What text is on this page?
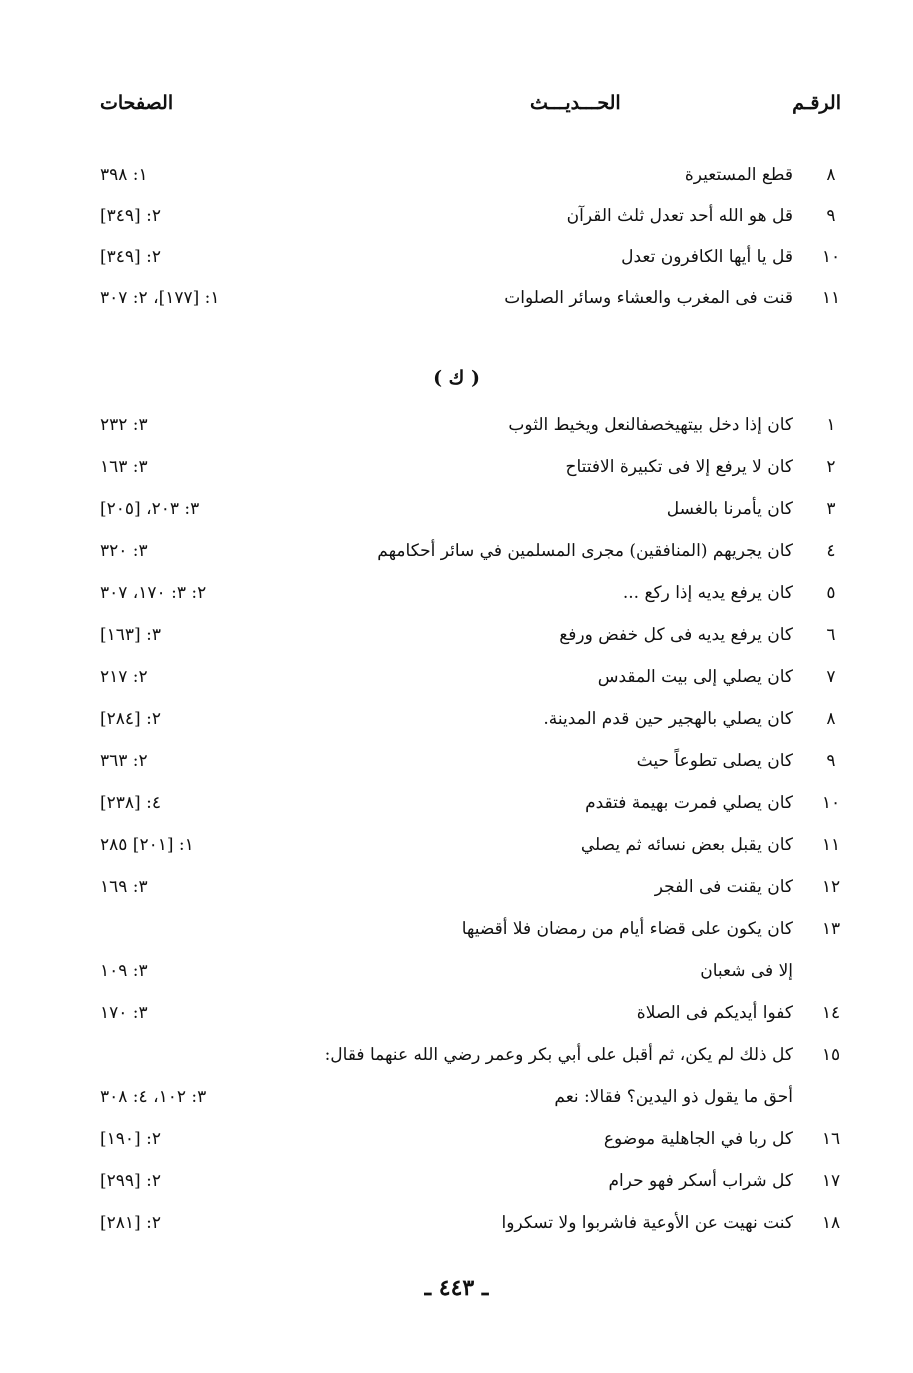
الرقـم
الحـــديـــث
الصفحات
٨
قطع المستعيرة
١: ٣٩٨
٩
قل هو الله أحد تعدل ثلث القرآن
٢: [٣٤٩]
١٠
قل يا أيها الكافرون تعدل
٢: [٣٤٩]
١١
قنت فى المغرب والعشاء وسائر الصلوات
١: [١٧٧]، ٢: ٣٠٧
( ك )
١
كان إذا دخل بيتهيخصفالنعل ويخيط الثوب
٣: ٢٣٢
٢
كان لا يرفع إلا فى تكبيرة الافتتاح
٣: ١٦٣
٣
كان يأمرنا بالغسل
٣: ٢٠٣، [٢٠٥]
٤
كان يجريهم (المنافقين) مجرى المسلمين في سائر أحكامهم
٣: ٣٢٠
٥
كان يرفع يديه إذا ركع ...
٢: ٣: ١٧٠، ٣٠٧
٦
كان يرفع يديه فى كل خفض ورفع
٣: [١٦٣]
٧
كان يصلي إلى بيت المقدس
٢: ٢١٧
٨
كان يصلي بالهجير حين قدم المدينة.
٢: [٢٨٤]
٩
كان يصلى تطوعاً حيث
٢: ٣٦٣
١٠
كان يصلي فمرت بهيمة فتقدم
٤: [٢٣٨]
١١
كان يقبل بعض نسائه ثم يصلي
١: [٢٠١] ٢٨٥
١٢
كان يقنت فى الفجر
٣: ١٦٩
١٣
كان يكون على قضاء أيام من رمضان فلا أقضيها
إلا فى شعبان
٣: ١٠٩
١٤
كفوا أيديكم فى الصلاة
٣: ١٧٠
١٥
كل ذلك لم يكن، ثم أقبل على أبي بكر وعمر رضي الله عنهما فقال:
أحق ما يقول ذو اليدين؟ فقالا: نعم
٣: ١٠٢، ٤: ٣٠٨
١٦
كل ربا في الجاهلية موضوع
٢: [١٩٠]
١٧
كل شراب أسكر فهو حرام
٢: [٢٩٩]
١٨
كنت نهيت عن الأوعية فاشربوا ولا تسكروا
٢: [٢٨١]
ـ ٤٤٣ ـ
